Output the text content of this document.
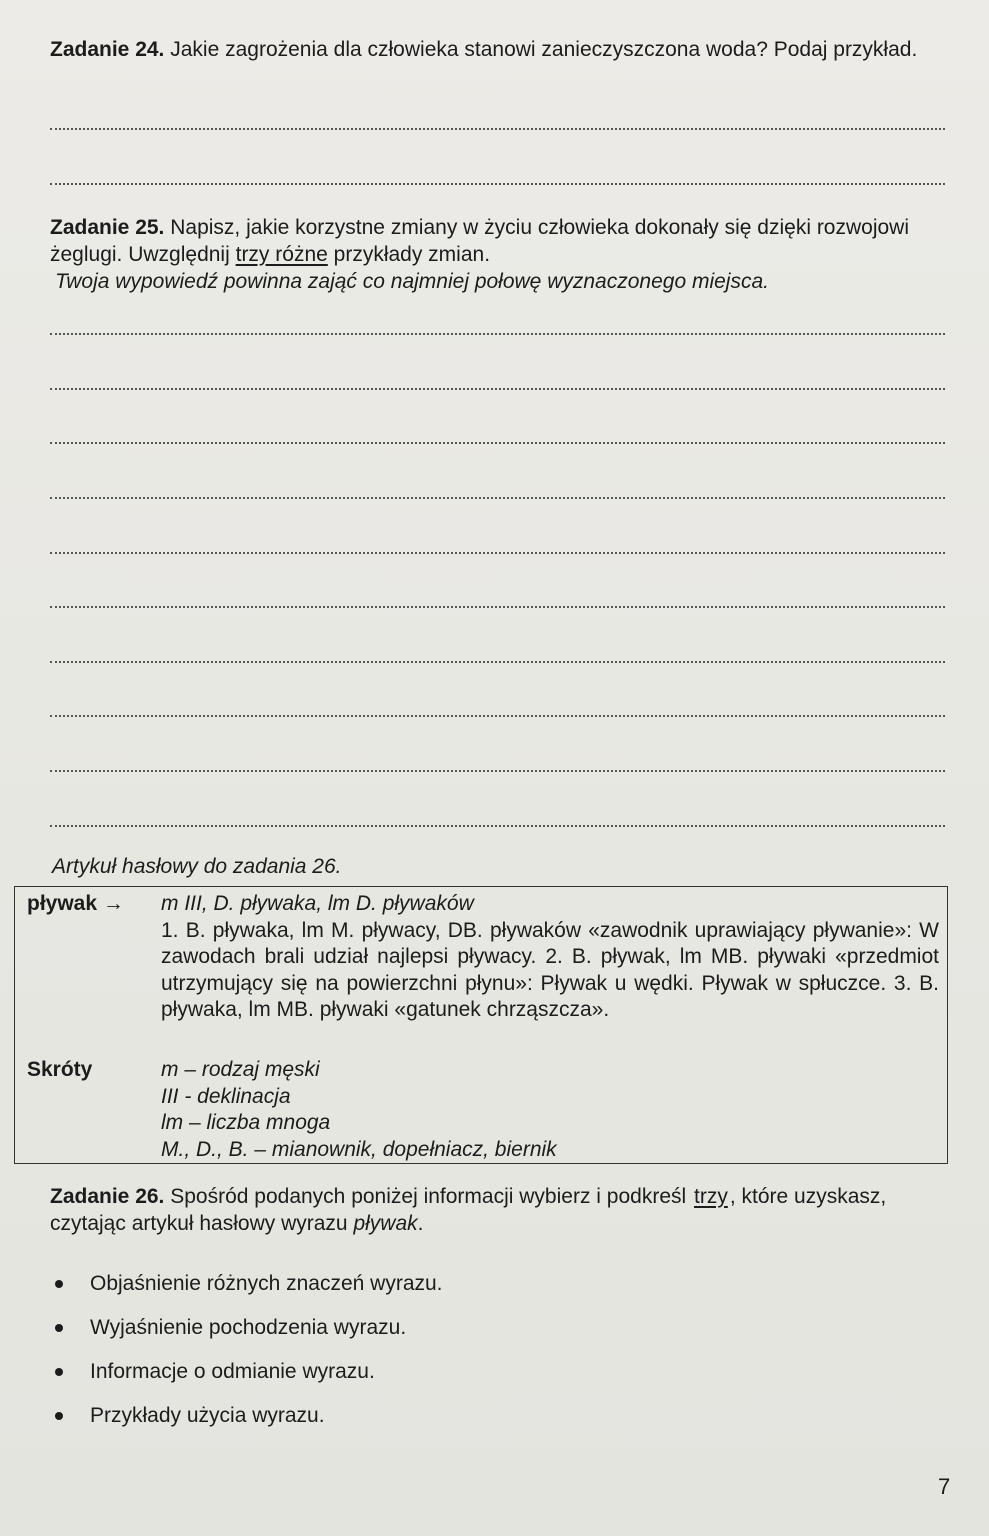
Zadanie 24. Jakie zagrożenia dla człowieka stanowi zanieczyszczona woda? Podaj przykład.
Zadanie 25. Napisz, jakie korzystne zmiany w życiu człowieka dokonały się dzięki rozwojowi żeglugi. Uwzględnij trzy różne przykłady zmian.
Twoja wypowiedź powinna zająć co najmniej połowę wyznaczonego miejsca.
Artykuł hasłowy do zadania 26.
pływak → m III, D. pływaka, lm D. pływaków
1. B. pływaka, lm M. pływacy, DB. pływaków «zawodnik uprawiający pływanie»: W zawodach brali udział najlepsi pływacy. 2. B. pływak, lm MB. pływaki «przedmiot utrzymujący się na powierzchni płynu»: Pływak u wędki. Pływak w spłuczce. 3. B. pływaka, lm MB. pływaki «gatunek chrząszcza».
Skróty	m – rodzaj męski
III - deklinacja
lm – liczba mnoga
M., D., B. – mianownik, dopełniacz, biernik
Zadanie 26. Spośród podanych poniżej informacji wybierz i podkreśl trzy, które uzyskasz, czytając artykuł hasłowy wyrazu pływak.
Objaśnienie różnych znaczeń wyrazu.
Wyjaśnienie pochodzenia wyrazu.
Informacje o odmianie wyrazu.
Przykłady użycia wyrazu.
7
